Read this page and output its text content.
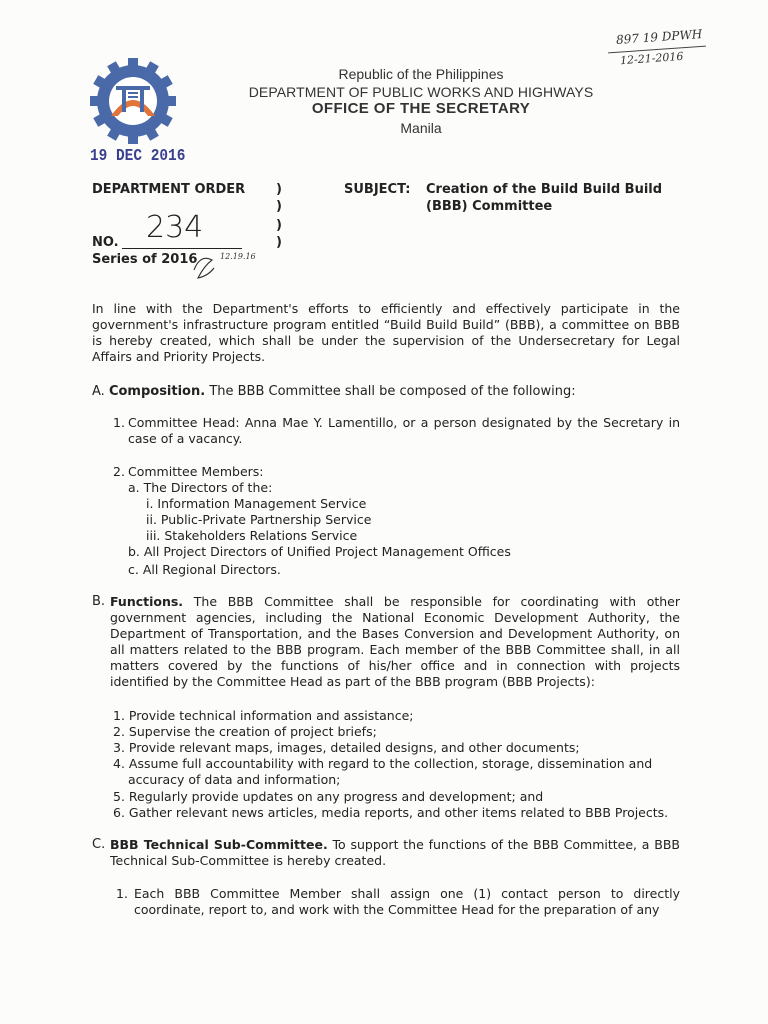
897 19 DPWH
12-21-2016
Republic of the Philippines
DEPARTMENT OF PUBLIC WORKS AND HIGHWAYS
OFFICE OF THE SECRETARY
Manila
19 DEC 2016
DEPARTMENT ORDER )
)
)
)
NO. 234
Series of 2016	12.19.16
SUBJECT: Creation of the Build Build Build
(BBB) Committee
In line with the Department's efforts to efficiently and effectively participate in the government's infrastructure program entitled “Build Build Build” (BBB), a committee on BBB is hereby created, which shall be under the supervision of the Undersecretary for Legal Affairs and Priority Projects.
A. Composition. The BBB Committee shall be composed of the following:
1. Committee Head: Anna Mae Y. Lamentillo, or a person designated by the Secretary in case of a vacancy.
2. Committee Members:
a. The Directors of the:
i. Information Management Service
ii. Public-Private Partnership Service
iii. Stakeholders Relations Service
b. All Project Directors of Unified Project Management Offices
c. All Regional Directors.
B. Functions. The BBB Committee shall be responsible for coordinating with other government agencies, including the National Economic Development Authority, the Department of Transportation, and the Bases Conversion and Development Authority, on all matters related to the BBB program. Each member of the BBB Committee shall, in all matters covered by the functions of his/her office and in connection with projects identified by the Committee Head as part of the BBB program (BBB Projects):
1. Provide technical information and assistance;
2. Supervise the creation of project briefs;
3. Provide relevant maps, images, detailed designs, and other documents;
4. Assume full accountability with regard to the collection, storage, dissemination and
accuracy of data and information;
5. Regularly provide updates on any progress and development; and
6. Gather relevant news articles, media reports, and other items related to BBB Projects.
C. BBB Technical Sub-Committee. To support the functions of the BBB Committee, a BBB Technical Sub-Committee is hereby created.
1. Each BBB Committee Member shall assign one (1) contact person to directly coordinate, report to, and work with the Committee Head for the preparation of any
